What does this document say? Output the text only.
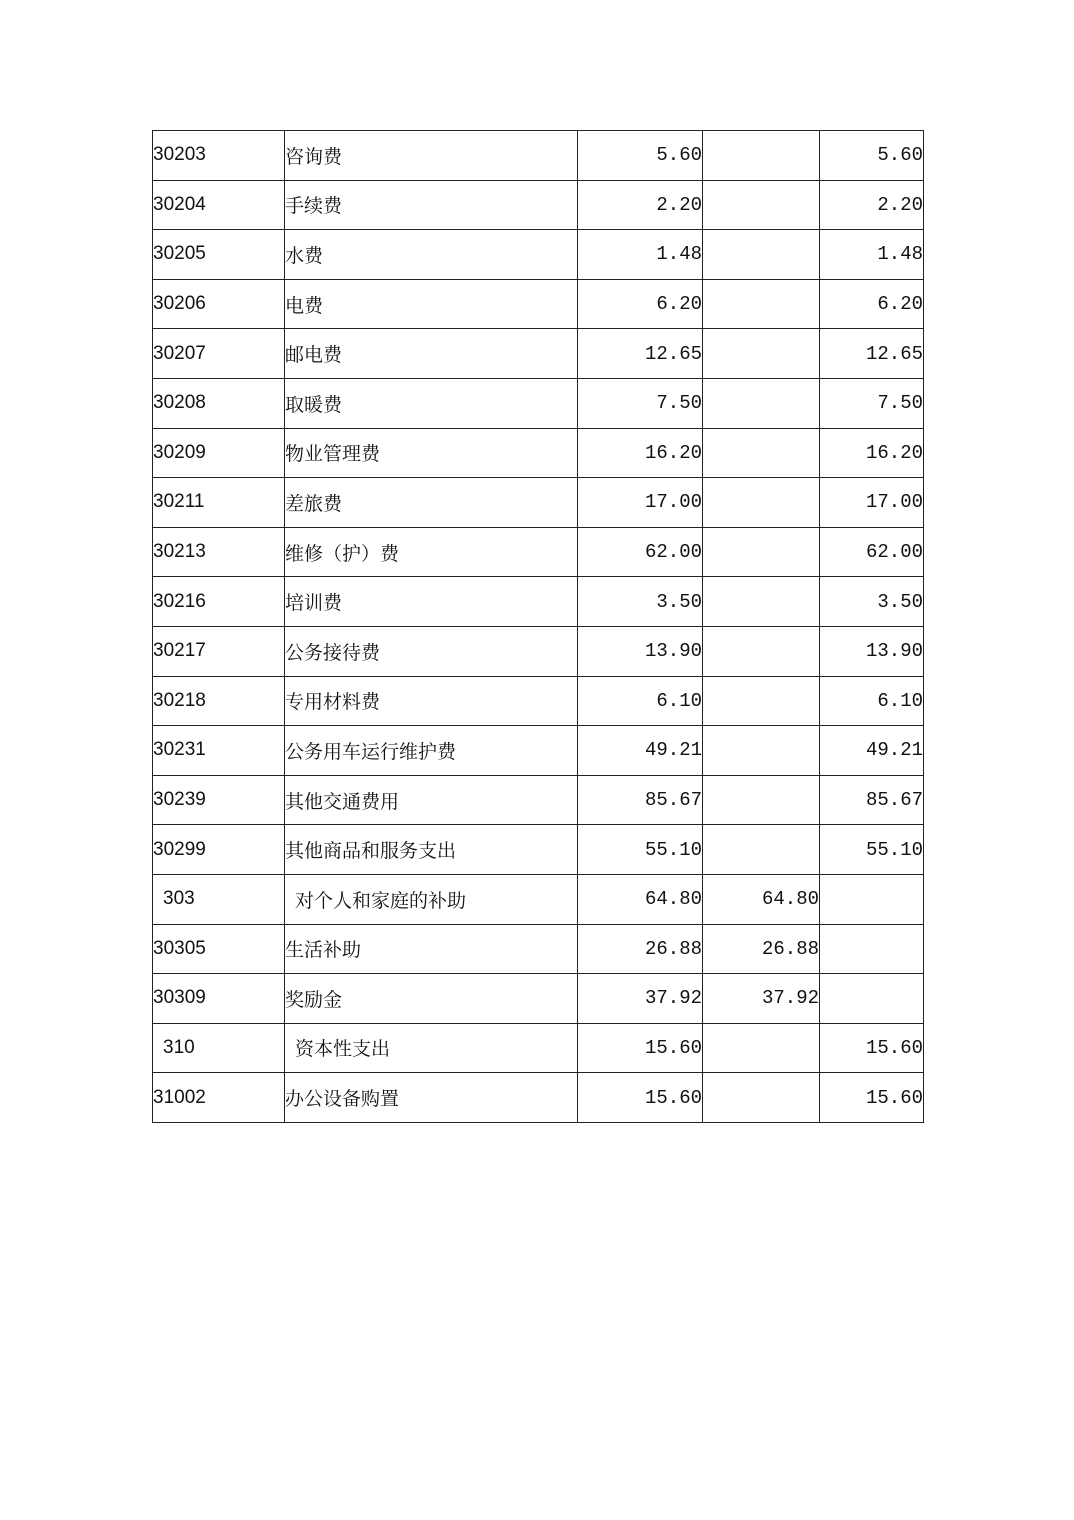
30203	咨询费	5.60		5.60
30204	手续费	2.20		2.20
30205	水费	1.48		1.48
30206	电费	6.20		6.20
30207	邮电费	12.65		12.65
30208	取暖费	7.50		7.50
30209	物业管理费	16.20		16.20
30211	差旅费	17.00		17.00
30213	维修（护）费	62.00		62.00
30216	培训费	3.50		3.50
30217	公务接待费	13.90		13.90
30218	专用材料费	6.10		6.10
30231	公务用车运行维护费	49.21		49.21
30239	其他交通费用	85.67		85.67
30299	其他商品和服务支出	55.10		55.10
303	对个人和家庭的补助	64.80	64.80	
30305	生活补助	26.88	26.88	
30309	奖励金	37.92	37.92	
310	资本性支出	15.60		15.60
31002	办公设备购置	15.60		15.60
